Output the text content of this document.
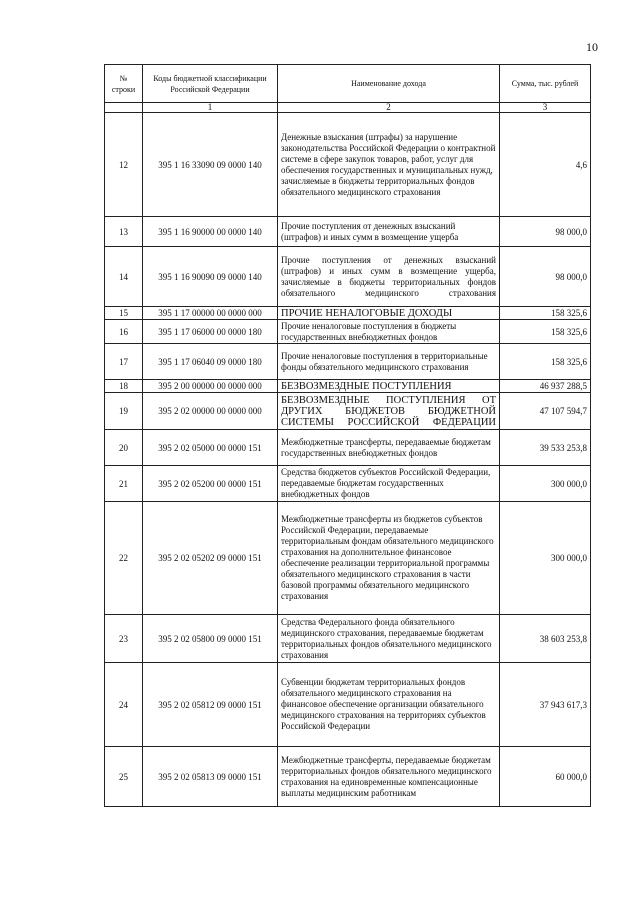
10
№ строки	Коды бюджетной классификации Российской Федерации	Наименование дохода	Сумма, тыс. рублей
	1	2	3
12	395 1 16 33090 09 0000 140	Денежные взыскания (штрафы) за нарушение законодательства Российской Федерации о контрактной системе в сфере закупок товаров, работ, услуг для обеспечения государственных и муниципальных нужд, зачисляемые в бюджеты территориальных фондов обязательного медицинского страхования	4,6
13	395 1 16 90000 00 0000 140	Прочие поступления от денежных взысканий (штрафов) и иных сумм в возмещение ущерба	98 000,0
14	395 1 16 90090 09 0000 140	Прочие поступления от денежных взысканий (штрафов) и иных сумм в возмещение ущерба, зачисляемые в бюджеты территориальных фондов обязательного медицинского страхования	98 000,0
15	395 1 17 00000 00 0000 000	ПРОЧИЕ НЕНАЛОГОВЫЕ ДОХОДЫ	158 325,6
16	395 1 17 06000 00 0000 180	Прочие неналоговые поступления в бюджеты государственных внебюджетных фондов	158 325,6
17	395 1 17 06040 09 0000 180	Прочие неналоговые поступления в территориальные фонды обязательного медицинского страхования	158 325,6
18	395 2 00 00000 00 0000 000	БЕЗВОЗМЕЗДНЫЕ ПОСТУПЛЕНИЯ	46 937 288,5
19	395 2 02 00000 00 0000 000	БЕЗВОЗМЕЗДНЫЕ ПОСТУПЛЕНИЯ ОТ ДРУГИХ БЮДЖЕТОВ БЮДЖЕТНОЙ СИСТЕМЫ РОССИЙСКОЙ ФЕДЕРАЦИИ	47 107 594,7
20	395 2 02 05000 00 0000 151	Межбюджетные трансферты, передаваемые бюджетам государственных внебюджетных фондов	39 533 253,8
21	395 2 02 05200 00 0000 151	Средства бюджетов субъектов Российской Федерации, передаваемые бюджетам государственных внебюджетных фондов	300 000,0
22	395 2 02 05202 09 0000 151	Межбюджетные трансферты из бюджетов субъектов Российской Федерации, передаваемые территориальным фондам обязательного медицинского страхования на дополнительное финансовое обеспечение реализации территориальной программы обязательного медицинского страхования в части базовой программы обязательного медицинского страхования	300 000,0
23	395 2 02 05800 09 0000 151	Средства Федерального фонда обязательного медицинского страхования, передаваемые бюджетам территориальных фондов обязательного медицинского страхования	38 603 253,8
24	395 2 02 05812 09 0000 151	Субвенции бюджетам территориальных фондов обязательного медицинского страхования на финансовое обеспечение организации обязательного медицинского страхования на территориях субъектов Российской Федерации	37 943 617,3
25	395 2 02 05813 09 0000 151	Межбюджетные трансферты, передаваемые бюджетам территориальных фондов обязательного медицинского страхования на единовременные компенсационные выплаты медицинским работникам	60 000,0
